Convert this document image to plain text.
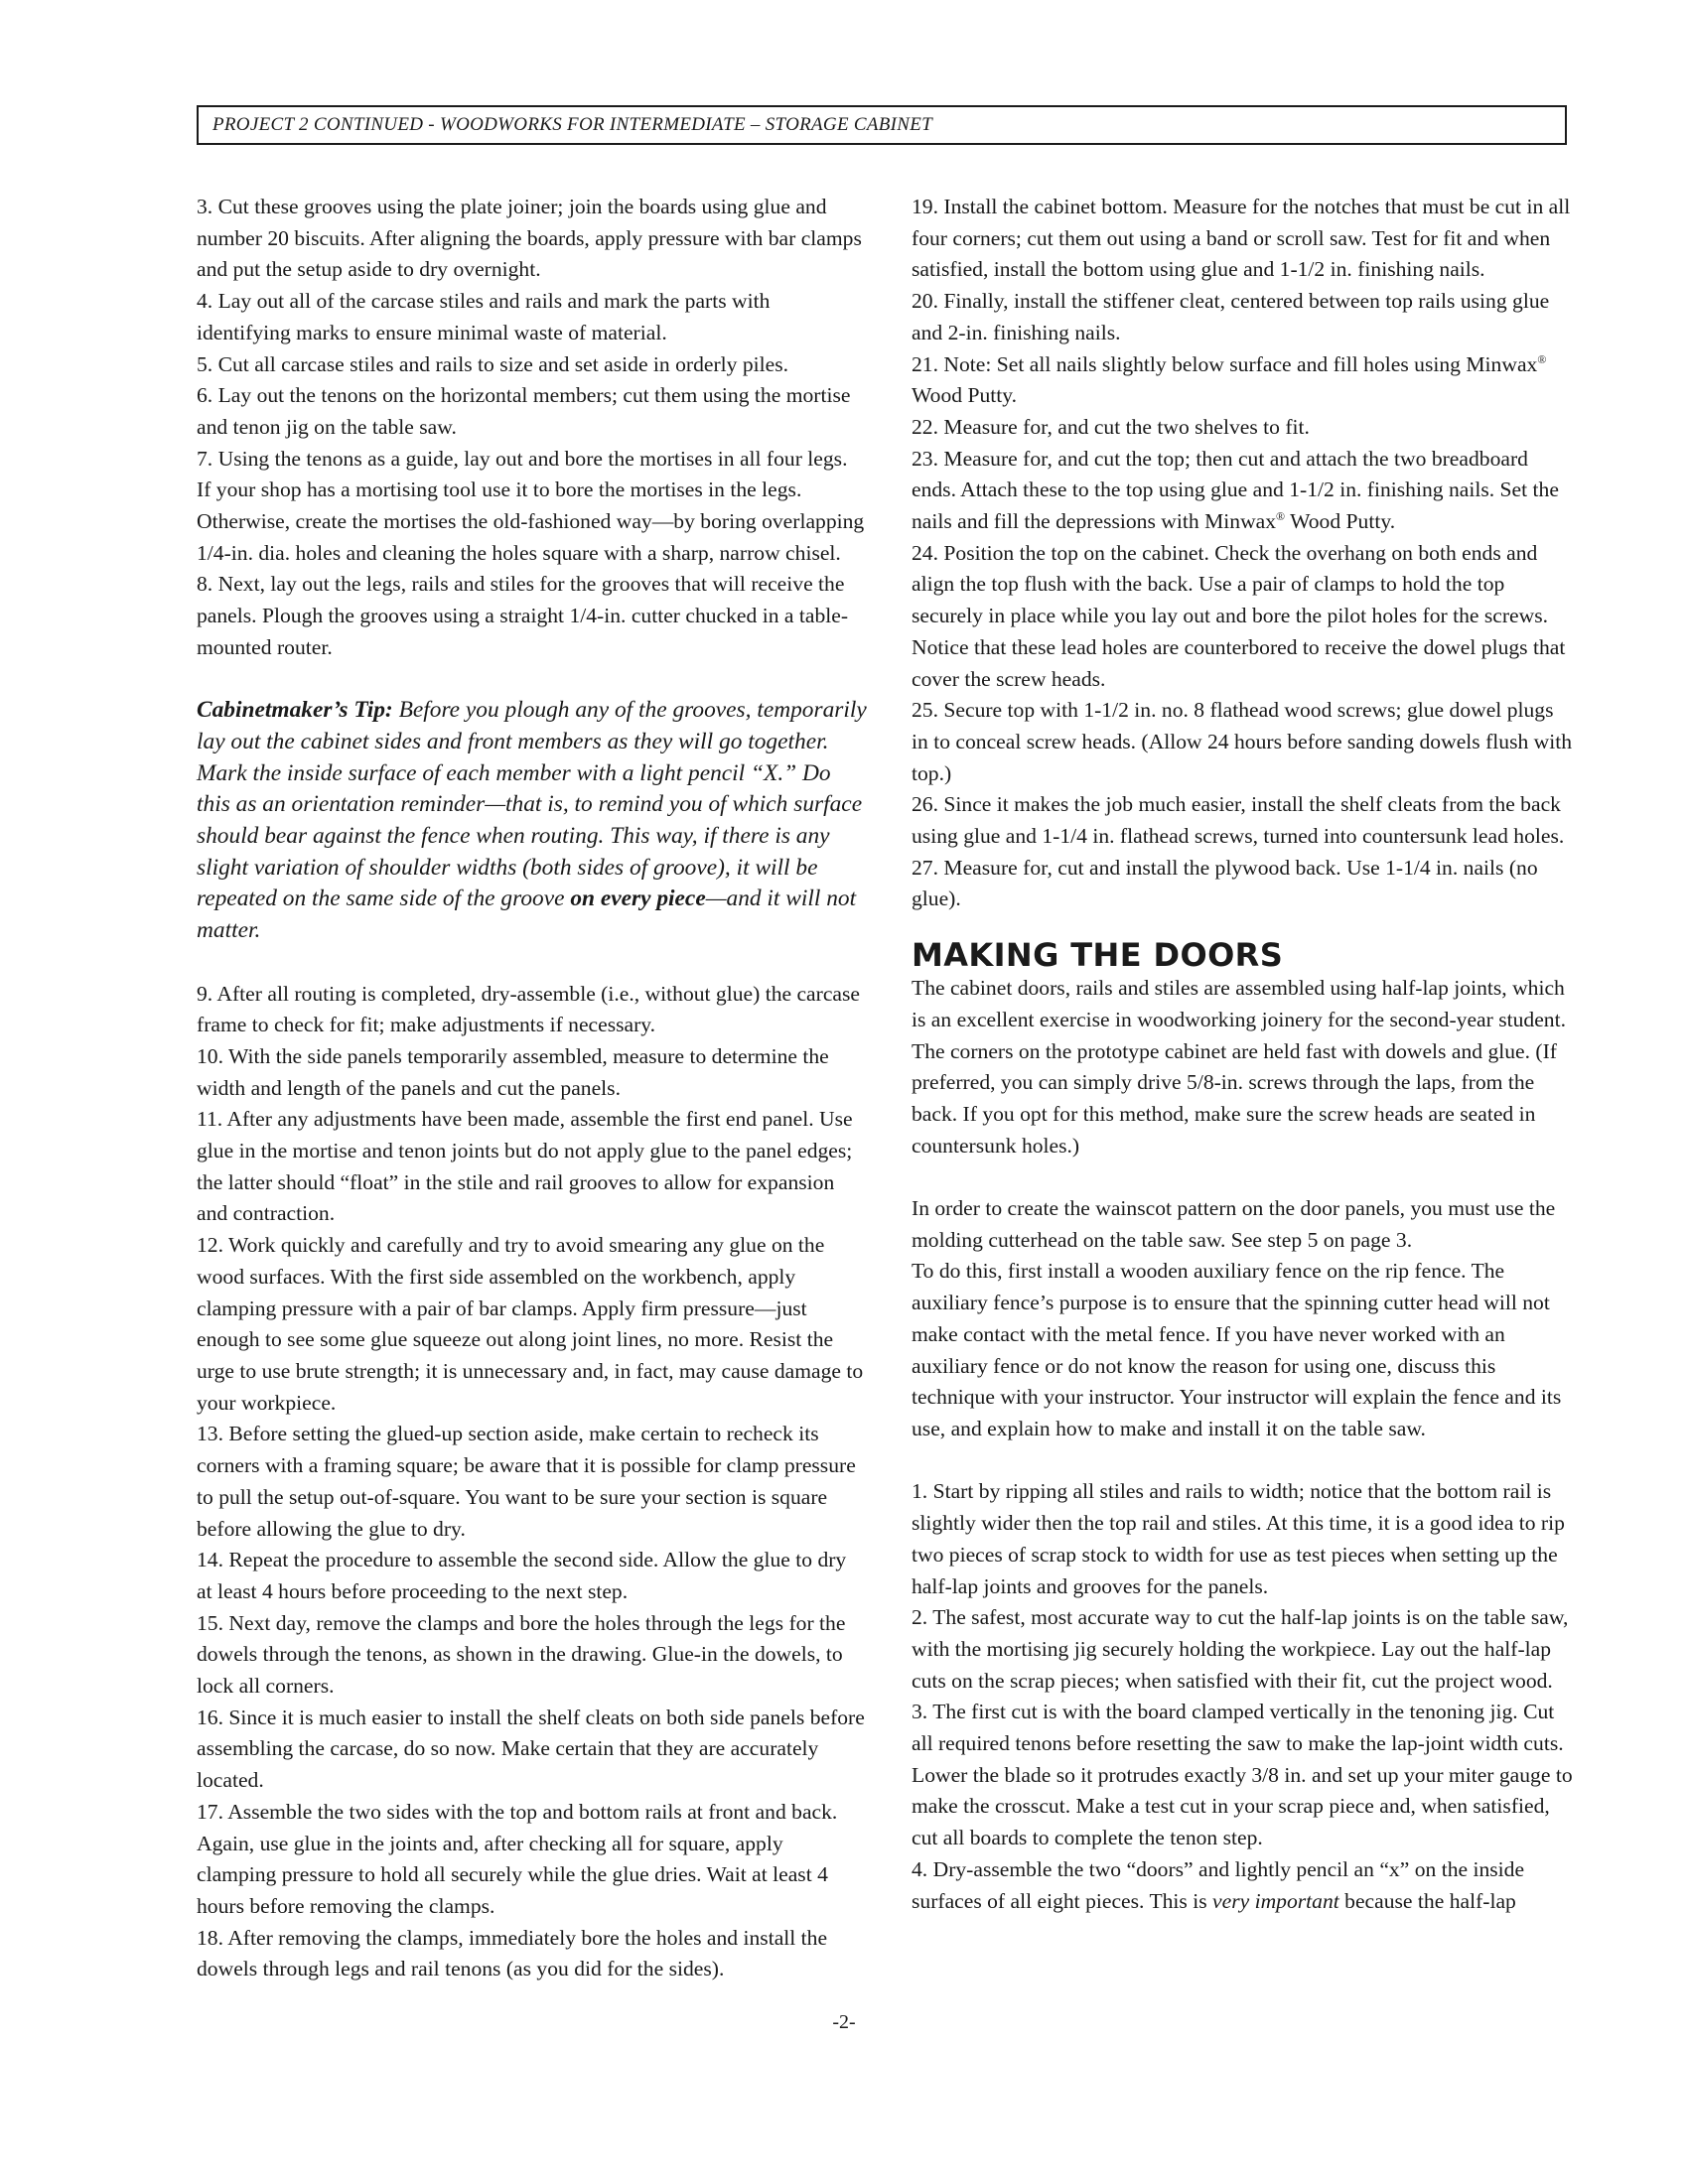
PROJECT 2 CONTINUED - WOODWORKS FOR INTERMEDIATE – STORAGE CABINET

3. Cut these grooves using the plate joiner; join the boards using glue and number 20 biscuits. After aligning the boards, apply pressure with bar clamps and put the setup aside to dry overnight.

4. Lay out all of the carcase stiles and rails and mark the parts with identifying marks to ensure minimal waste of material.

5. Cut all carcase stiles and rails to size and set aside in orderly piles.

6. Lay out the tenons on the horizontal members; cut them using the mortise and tenon jig on the table saw.

7. Using the tenons as a guide, lay out and bore the mortises in all four legs. If your shop has a mortising tool use it to bore the mortises in the legs. Otherwise, create the mortises the old-fashioned way—by boring overlapping 1/4-in. dia. holes and cleaning the holes square with a sharp, narrow chisel.

8. Next, lay out the legs, rails and stiles for the grooves that will receive the panels. Plough the grooves using a straight 1/4-in. cutter chucked in a table-mounted router.

Cabinetmaker’s Tip: Before you plough any of the grooves, temporarily lay out the cabinet sides and front members as they will go together. Mark the inside surface of each member with a light pencil “X.” Do this as an orientation reminder—that is, to remind you of which surface should bear against the fence when routing. This way, if there is any slight variation of shoulder widths (both sides of groove), it will be repeated on the same side of the groove on every piece—and it will not matter.

9. After all routing is completed, dry-assemble (i.e., without glue) the carcase frame to check for fit; make adjustments if necessary.

10. With the side panels temporarily assembled, measure to determine the width and length of the panels and cut the panels.

11. After any adjustments have been made, assemble the first end panel. Use glue in the mortise and tenon joints but do not apply glue to the panel edges; the latter should “float” in the stile and rail grooves to allow for expansion and contraction.

12. Work quickly and carefully and try to avoid smearing any glue on the wood surfaces. With the first side assembled on the workbench, apply clamping pressure with a pair of bar clamps. Apply firm pressure—just enough to see some glue squeeze out along joint lines, no more. Resist the urge to use brute strength; it is unnecessary and, in fact, may cause damage to your workpiece.

13. Before setting the glued-up section aside, make certain to recheck its corners with a framing square; be aware that it is possible for clamp pressure to pull the setup out-of-square. You want to be sure your section is square before allowing the glue to dry.

14. Repeat the procedure to assemble the second side. Allow the glue to dry at least 4 hours before proceeding to the next step.

15. Next day, remove the clamps and bore the holes through the legs for the dowels through the tenons, as shown in the drawing. Glue-in the dowels, to lock all corners.

16. Since it is much easier to install the shelf cleats on both side panels before assembling the carcase, do so now. Make certain that they are accurately located.

17. Assemble the two sides with the top and bottom rails at front and back. Again, use glue in the joints and, after checking all for square, apply clamping pressure to hold all securely while the glue dries. Wait at least 4 hours before removing the clamps.

18. After removing the clamps, immediately bore the holes and install the dowels through legs and rail tenons (as you did for the sides).

19. Install the cabinet bottom. Measure for the notches that must be cut in all four corners; cut them out using a band or scroll saw. Test for fit and when satisfied, install the bottom using glue and 1-1/2 in. finishing nails.

20. Finally, install the stiffener cleat, centered between top rails using glue and 2-in. finishing nails.

21. Note: Set all nails slightly below surface and fill holes using Minwax® Wood Putty.

22. Measure for, and cut the two shelves to fit.

23. Measure for, and cut the top; then cut and attach the two breadboard ends. Attach these to the top using glue and 1-1/2 in. finishing nails. Set the nails and fill the depressions with Minwax® Wood Putty.

24. Position the top on the cabinet. Check the overhang on both ends and align the top flush with the back. Use a pair of clamps to hold the top securely in place while you lay out and bore the pilot holes for the screws. Notice that these lead holes are counterbored to receive the dowel plugs that cover the screw heads.

25. Secure top with 1-1/2 in. no. 8 flathead wood screws; glue dowel plugs in to conceal screw heads. (Allow 24 hours before sanding dowels flush with top.)

26. Since it makes the job much easier, install the shelf cleats from the back using glue and 1-1/4 in. flathead screws, turned into countersunk lead holes.

27. Measure for, cut and install the plywood back. Use 1-1/4 in. nails (no glue).

MAKING THE DOORS

The cabinet doors, rails and stiles are assembled using half-lap joints, which is an excellent exercise in woodworking joinery for the second-year student. The corners on the prototype cabinet are held fast with dowels and glue. (If preferred, you can simply drive 5/8-in. screws through the laps, from the back. If you opt for this method, make sure the screw heads are seated in countersunk holes.)

In order to create the wainscot pattern on the door panels, you must use the molding cutterhead on the table saw. See step 5 on page 3.

To do this, first install a wooden auxiliary fence on the rip fence. The auxiliary fence’s purpose is to ensure that the spinning cutter head will not make contact with the metal fence. If you have never worked with an auxiliary fence or do not know the reason for using one, discuss this technique with your instructor. Your instructor will explain the fence and its use, and explain how to make and install it on the table saw.

1. Start by ripping all stiles and rails to width; notice that the bottom rail is slightly wider then the top rail and stiles. At this time, it is a good idea to rip two pieces of scrap stock to width for use as test pieces when setting up the half-lap joints and grooves for the panels.

2. The safest, most accurate way to cut the half-lap joints is on the table saw, with the mortising jig securely holding the workpiece. Lay out the half-lap cuts on the scrap pieces; when satisfied with their fit, cut the project wood.

3. The first cut is with the board clamped vertically in the tenoning jig. Cut all required tenons before resetting the saw to make the lap-joint width cuts. Lower the blade so it protrudes exactly 3/8 in. and set up your miter gauge to make the crosscut. Make a test cut in your scrap piece and, when satisfied, cut all boards to complete the tenon step.

4. Dry-assemble the two “doors” and lightly pencil an “x” on the inside surfaces of all eight pieces. This is very important because the half-lap

-2-
